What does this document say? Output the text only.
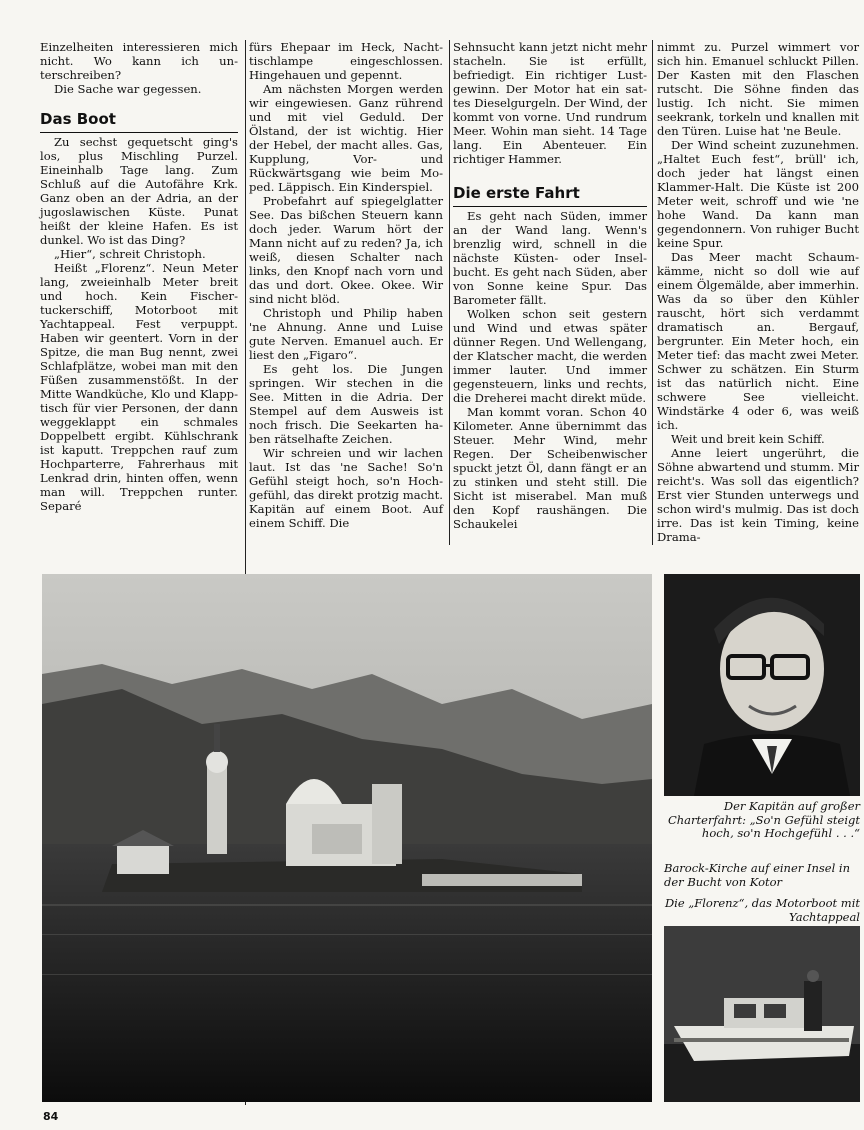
Einzelheiten interessieren mich nicht. Wo kann ich unterschreiben?

Die Sache war gegessen.

Das Boot

Zu sechst gequetscht ging's los, plus Mischling Purzel. Eineinhalb Tage lang. Zum Schluß auf die Autofähre Krk. Ganz oben an der Adria, an der jugoslawischen Küste. Punat heißt der kleine Hafen. Es ist dunkel. Wo ist das Ding?

„Hier“, schreit Christoph.

Heißt „Florenz“. Neun Meter lang, zweieinhalb Meter breit und hoch. Kein Fischertuckerschiff, Motorboot mit Yachtappeal. Fest verpuppt. Haben wir geentert. Vorn in der Spitze, die man Bug nennt, zwei Schlafplätze, wobei man mit den Füßen zusammenstößt. In der Mitte Wandküche, Klo und Klapptisch für vier Personen, der dann weggeklappt ein schmales Doppelbett ergibt. Kühlschrank ist kaputt. Treppchen rauf zum Hochparterre, Fahrerhaus mit Lenkrad drin, hinten offen, wenn man will. Treppchen runter. Separé

fürs Ehepaar im Heck, Nachttischlampe eingeschlossen. Hingehauen und gepennt.

Am nächsten Morgen werden wir eingewiesen. Ganz rührend und mit viel Geduld. Der Ölstand, der ist wichtig. Hier der Hebel, der macht alles. Gas, Kupplung, Vor- und Rückwärtsgang wie beim Moped. Läppisch. Ein Kinderspiel.

Probefahrt auf spiegelglatter See. Das bißchen Steuern kann doch jeder. Warum hört der Mann nicht auf zu reden? Ja, ich weiß, diesen Schalter nach links, den Knopf nach vorn und das und dort. Okee. Okee. Wir sind nicht blöd.

Christoph und Philip haben 'ne Ahnung. Anne und Luise gute Nerven. Emanuel auch. Er liest den „Figaro“.

Es geht los. Die Jungen springen. Wir stechen in die See. Mitten in die Adria. Der Stempel auf dem Ausweis ist noch frisch. Die Seekarten haben rätselhafte Zeichen.

Wir schreien und wir lachen laut. Ist das 'ne Sache! So'n Gefühl steigt hoch, so'n Hochgefühl, das direkt protzig macht. Kapitän auf einem Boot. Auf einem Schiff. Die

Sehnsucht kann jetzt nicht mehr stacheln. Sie ist erfüllt, befriedigt. Ein richtiger Lustgewinn. Der Motor hat ein sattes Dieselgurgeln. Der Wind, der kommt von vorne. Und rundrum Meer. Wohin man sieht. 14 Tage lang. Ein Abenteuer. Ein richtiger Hammer.

Die erste Fahrt

Es geht nach Süden, immer an der Wand lang. Wenn's brenzlig wird, schnell in die nächste Küsten- oder Inselbucht. Es geht nach Süden, aber von Sonne keine Spur. Das Barometer fällt.

Wolken schon seit gestern und Wind und etwas später dünner Regen. Und Wellengang, der Klatscher macht, die werden immer lauter. Und immer gegensteuern, links und rechts, die Dreherei macht direkt müde.

Man kommt voran. Schon 40 Kilometer. Anne übernimmt das Steuer. Mehr Wind, mehr Regen. Der Scheibenwischer spuckt jetzt Öl, dann fängt er an zu stinken und steht still. Die Sicht ist miserabel. Man muß den Kopf raushängen. Die Schaukelei

nimmt zu. Purzel wimmert vor sich hin. Emanuel schluckt Pillen. Der Kasten mit den Flaschen rutscht. Die Söhne finden das lustig. Ich nicht. Sie mimen seekrank, torkeln und knallen mit den Türen. Luise hat 'ne Beule.

Der Wind scheint zuzunehmen. „Haltet Euch fest“, brüll' ich, doch jeder hat längst einen Klammer-Halt. Die Küste ist 200 Meter weit, schroff und wie 'ne hohe Wand. Da kann man gegendonnern. Von ruhiger Bucht keine Spur.

Das Meer macht Schaumkämme, nicht so doll wie auf einem Ölgemälde, aber immerhin. Was da so über den Kühler rauscht, hört sich verdammt dramatisch an. Bergauf, bergrunter. Ein Meter hoch, ein Meter tief: das macht zwei Meter. Schwer zu schätzen. Ein Sturm ist das natürlich nicht. Eine schwere See vielleicht. Windstärke 4 oder 6, was weiß ich.

Weit und breit kein Schiff.

Anne leiert ungerührt, die Söhne abwartend und stumm. Mir reicht's. Was soll das eigentlich? Erst vier Stunden unterwegs und schon wird's mulmig. Das ist doch irre. Das ist kein Timing, keine Drama-

Der Kapitän auf großer Charterfahrt: „So'n Gefühl steigt hoch, so'n Hochgefühl . . .“
Barock-Kirche auf einer Insel in der Bucht von Kotor
Die „Florenz“, das Motorboot mit Yachtappeal
84
